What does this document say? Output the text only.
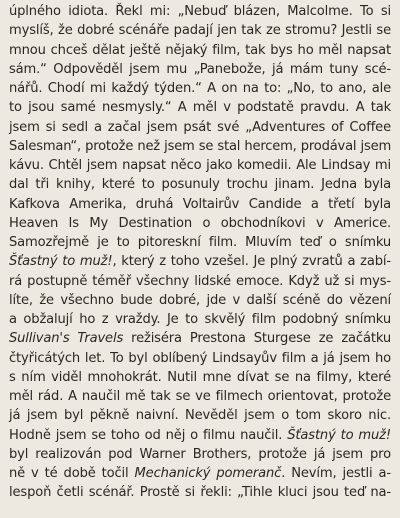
úplného idiota. Řekl mi: „Nebuď blázen, Malcolme. To si
myslíš, že dobré scénáře padají jen tak ze stromu? Jestli se
mnou chceš dělat ještě nějaký film, tak bys ho měl napsat
sám.“ Odpověděl jsem mu „Panebože, já mám tuny scé-
nářů. Chodí mi každý týden.“ A on na to: „No, to ano, ale
to jsou samé nesmysly.“ A měl v podstatě pravdu. A tak
jsem si sedl a začal jsem psát své „Adventures of Coffee
Salesman“, protože než jsem se stal hercem, prodával jsem
kávu. Chtěl jsem napsat něco jako komedii. Ale Lindsay mi
dal tři knihy, které to posunuly trochu jinam. Jedna byla
Kafkova Amerika, druhá Voltairův Candide a třetí byla
Heaven Is My Destination o obchodníkovi v Americe.
Samozřejmě je to pitoreskní film. Mluvím teď o snímku
Šťastný to muž!, který z toho vzešel. Je plný zvratů a zabí-
rá postupně téměř všechny lidské emoce. Když už si mys-
líte, že všechno bude dobré, jde v další scéně do vězení
a obžalují ho z vraždy. Je to skvělý film podobný snímku
Sullivan's Travels režiséra Prestona Sturgese ze začátku
čtyřicátých let. To byl oblíbený Lindsayův film a já jsem ho
s ním viděl mnohokrát. Nutil mne dívat se na filmy, které
měl rád. A naučil mě tak se ve filmech orientovat, protože
já jsem byl pěkně naivní. Nevěděl jsem o tom skoro nic.
Hodně jsem se toho od něj o filmu naučil. Šťastný to muž!
byl realizován pod Warner Brothers, protože já jsem pro
ně v té době točil Mechanický pomeranč. Nevím, jestli a-
lespoň četli scénář. Prostě si řekli: „Tihle kluci jsou teď na-
